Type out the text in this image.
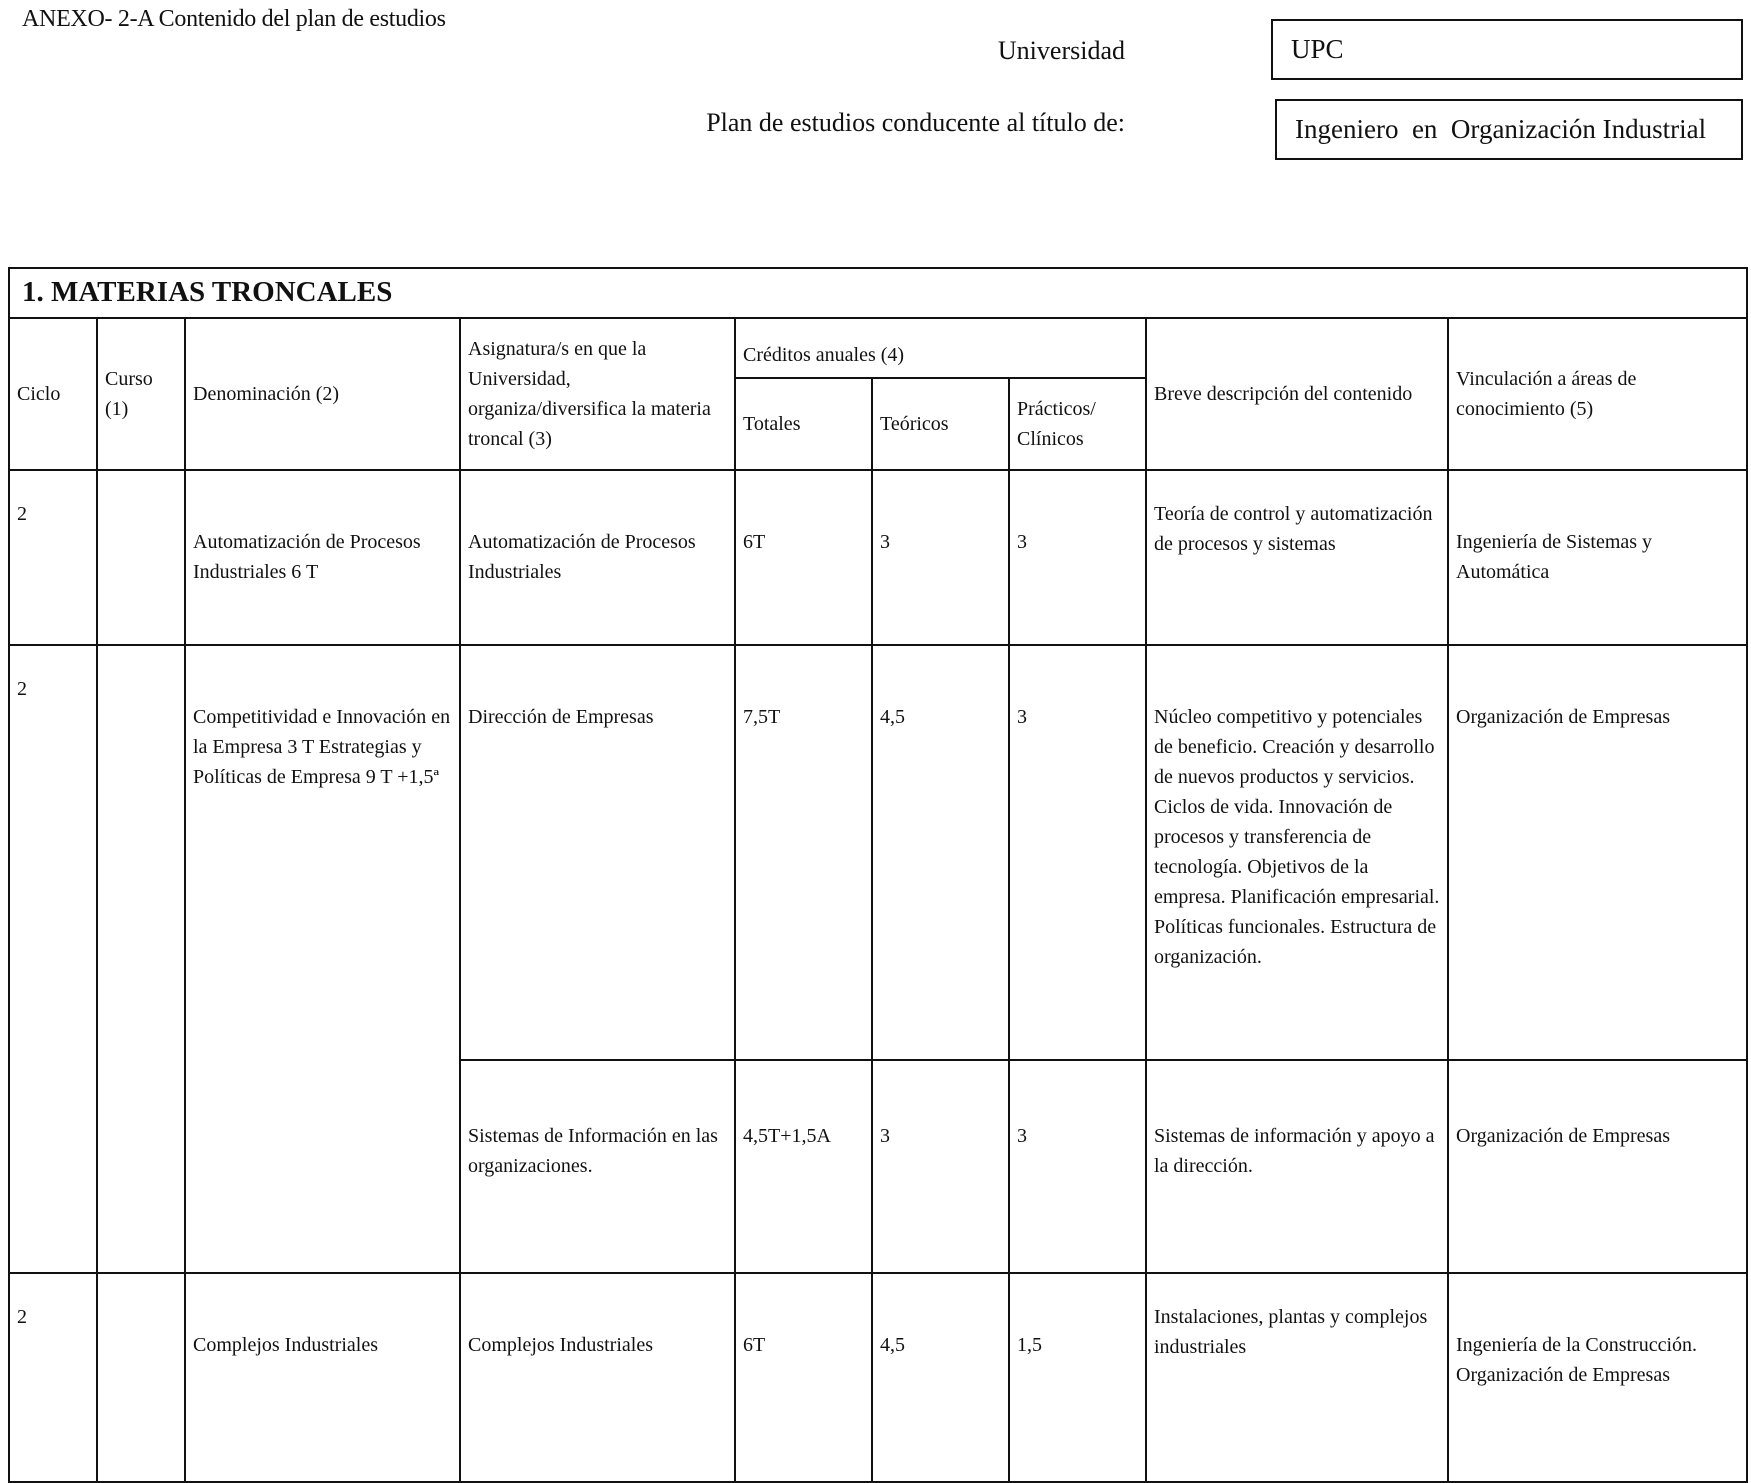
ANEXO- 2-A Contenido del plan de estudios
Universidad	UPC
Plan de estudios conducente al título de:	Ingeniero  en  Organización Industrial
1. MATERIAS TRONCALES								
Ciclo	Curso (1)	Denominación (2)	Asignatura/s en que la Universidad, organiza/diversifica la materia troncal (3)	Créditos anuales (4)			Breve descripción del contenido	Vinculación a áreas de conocimiento (5)
				Totales	Teóricos	Prácticos/ Clínicos		
2		Automatización de Procesos Industriales 6 T	Automatización de Procesos Industriales	6T	3	3	Teoría de control y automatización de procesos y sistemas	Ingeniería de Sistemas y Automática
2		Competitividad e Innovación en la Empresa 3 T Estrategias y Políticas de Empresa 9 T +1,5ª	Dirección de Empresas	7,5T	4,5	3	Núcleo competitivo y potenciales de beneficio. Creación y desarrollo de nuevos productos y servicios. Ciclos de vida. Innovación de procesos y transferencia de tecnología. Objetivos de la empresa. Planificación empresarial. Políticas funcionales. Estructura de organización.	Organización de Empresas
			Sistemas de Información en las organizaciones.	4,5T+1,5A	3	3	Sistemas de información y apoyo a la dirección.	Organización de Empresas
2		Complejos Industriales	Complejos Industriales	6T	4,5	1,5	Instalaciones, plantas y complejos industriales	Ingeniería de la Construcción. Organización de Empresas
